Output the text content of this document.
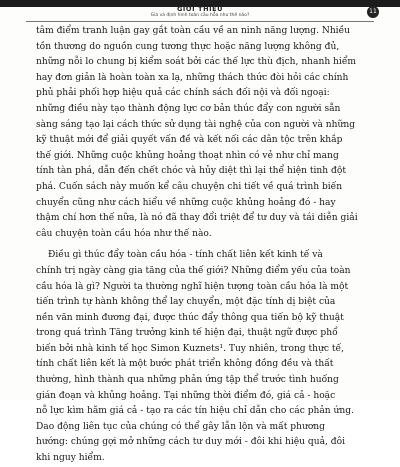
GIỚI THIỆU
Giá và định hình toàn cầu hóa như thế nào?
11
tâm điểm tranh luận gay gắt toàn cầu về an ninh năng lượng. Nhiều
tồn thương do nguồn cung tương thực hoặc năng lượng không đủ,
những nỗi lo chung bị kiểm soát bởi các thế lực thù địch, nhanh hiểm
hay đơn giản là hoàn toàn xa lạ, những thách thức đòi hỏi các chính
phủ phải phối hợp hiệu quả các chính sách đối nội và đối ngoại:
những điều này tạo thành động lực cơ bản thúc đẩy con người sẵn
sàng sáng tạo lại cách thức sử dụng tài nghệ của con người và những
kỹ thuật mới để giải quyết vấn đề và kết nối các dân tộc trên khắp
thế giới. Những cuộc khủng hoảng thoạt nhìn có vẻ như chỉ mang
tính tàn phá, dẫn đến chết chóc và hủy diệt thì lại thể hiện tinh đột
phá. Cuốn sách này muốn kể câu chuyện chi tiết về quá trình biến
chuyển cũng như cách hiểu về những cuộc khủng hoảng đó - hay
thậm chí hơn thế nữa, là nó đã thay đổi triệt để tư duy và tái diễn giải
câu chuyện toàn cầu hóa như thế nào.
Điều gì thúc đẩy toàn cầu hóa - tính chất liên kết kinh tế và
chính trị ngày càng gia tăng của thế giới? Những điểm yếu của toàn
cầu hóa là gì? Người ta thường nghĩ hiện tượng toàn cầu hóa là một
tiến trình tự hành không thể lay chuyển, một đặc tính dị biệt của
nền văn minh đương đại, được thúc đẩy thông qua tiến bộ kỹ thuật
trong quá trình Tăng trưởng kinh tế hiện đại, thuật ngữ được phổ
biến bởi nhà kinh tế học Simon Kuznets¹. Tuy nhiên, trong thực tế,
tính chất liên kết là một bước phát triển không đồng đều và thất
thường, hình thành qua những phản ứng tập thể trước tình huống
gián đoạn và khủng hoảng. Tại những thời điểm đó, giá cả - hoặc
nỗ lực kìm hãm giá cả - tạo ra các tín hiệu chỉ dẫn cho các phản ứng.
Dao động liên tục của chúng có thể gây lẫn lộn và mất phương
hướng: chúng gợi mở những cách tư duy mới - đôi khi hiệu quả, đôi
khi nguy hiểm.
